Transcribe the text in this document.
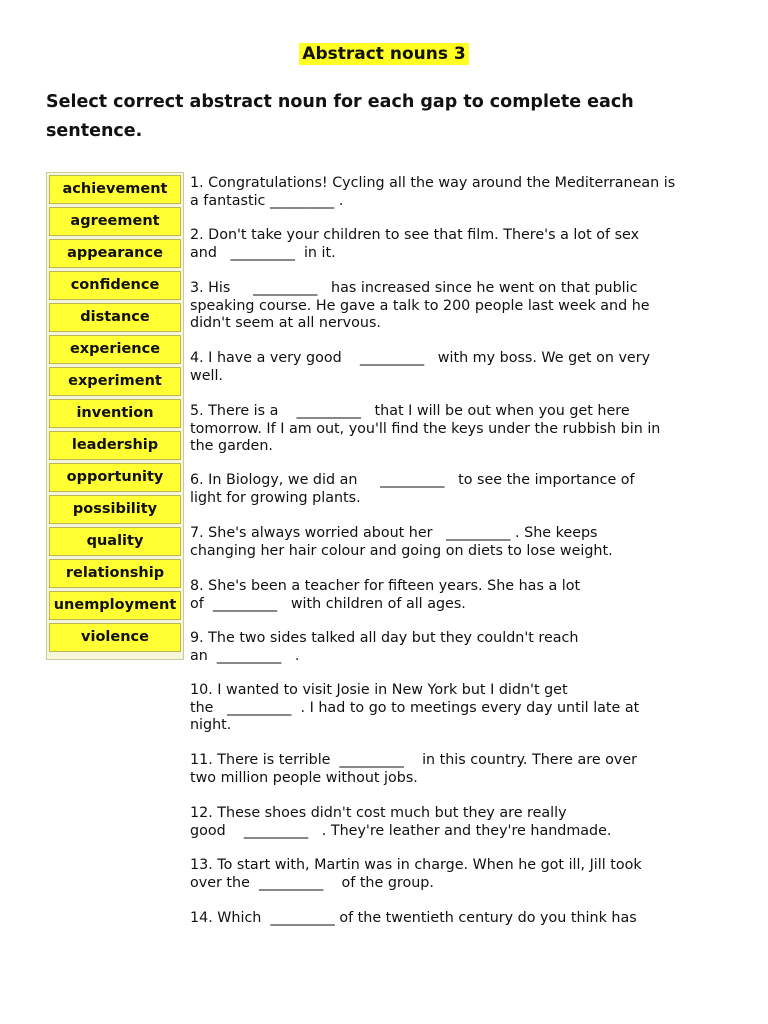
Abstract nouns 3
Select correct abstract noun for each gap to complete each sentence.
achievement
agreement
appearance
confidence
distance
experience
experiment
invention
leadership
opportunity
possibility
quality
relationship
unemployment
violence
1. Congratulations! Cycling all the way around the Mediterranean is
a fantastic _________ .
2. Don't take your children to see that film. There's a lot of sex
and   _________  in it.
3. His     _________   has increased since he went on that public
speaking course. He gave a talk to 200 people last week and he
didn't seem at all nervous.
4. I have a very good    _________   with my boss. We get on very
well.
5. There is a    _________   that I will be out when you get here
tomorrow. If I am out, you'll find the keys under the rubbish bin in
the garden.
6. In Biology, we did an     _________   to see the importance of
light for growing plants.
7. She's always worried about her   _________ . She keeps
changing her hair colour and going on diets to lose weight.
8. She's been a teacher for fifteen years. She has a lot
of  _________   with children of all ages.
9. The two sides talked all day but they couldn't reach
an  _________   .
10. I wanted to visit Josie in New York but I didn't get
the   _________  . I had to go to meetings every day until late at
night.
11. There is terrible  _________    in this country. There are over
two million people without jobs.
12. These shoes didn't cost much but they are really
good    _________   . They're leather and they're handmade.
13. To start with, Martin was in charge. When he got ill, Jill took
over the  _________    of the group.
14. Which  _________ of the twentieth century do you think has
